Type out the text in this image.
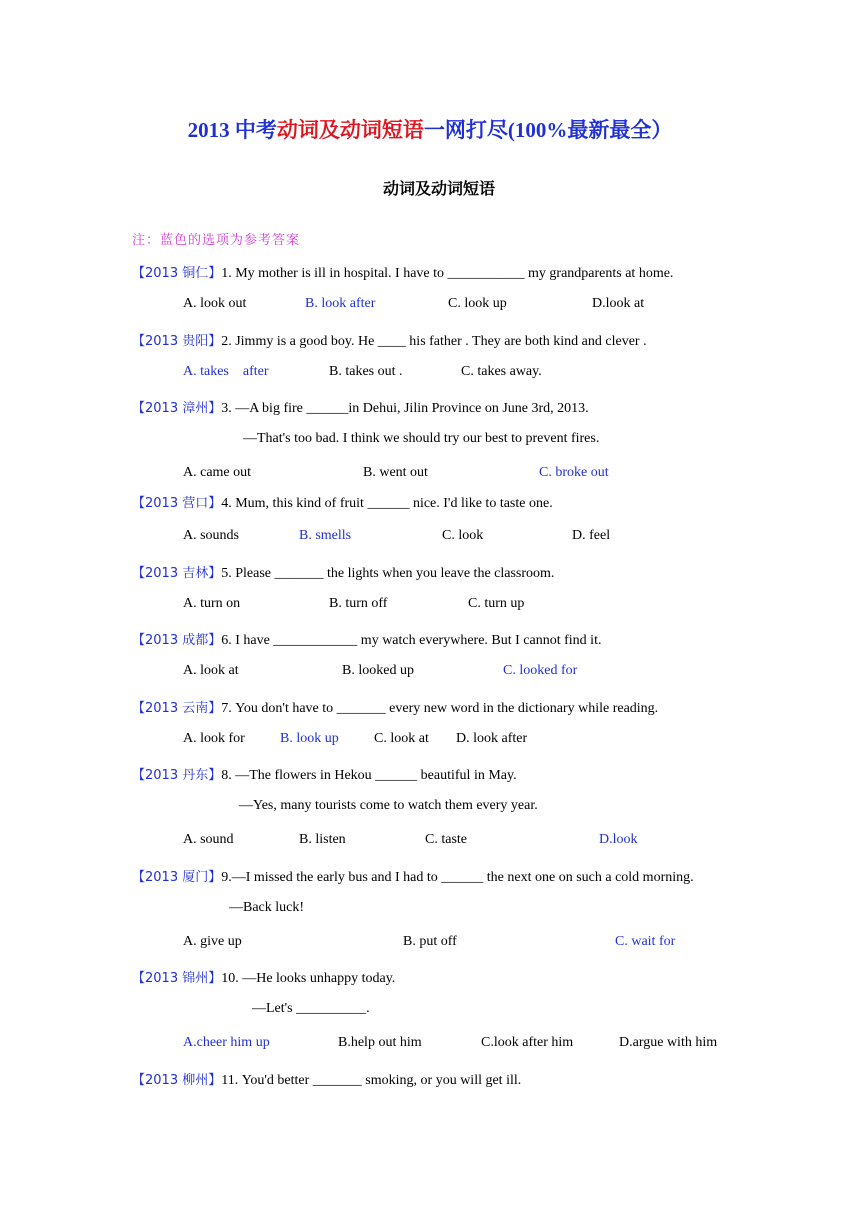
2013 中考动词及动词短语一网打尽(100%最新最全）
动词及动词短语
注：蓝色的选项为参考答案
【2013 铜仁】1. My mother is ill in hospital. I have to ___________ my grandparents at home.
A. look out	B. look after	C. look up	D.look at
【2013 贵阳】2. Jimmy is a good boy. He ____ his father . They are both kind and clever .
A. takes    after	B. takes out .	C. takes away.
【2013 漳州】3. —A big fire ______in Dehui, Jilin Province on June 3rd, 2013.
—That's too bad. I think we should try our best to prevent fires.
A. came out	B. went out	C. broke out
【2013 营口】4. Mum, this kind of fruit ______ nice. I'd like to taste one.
A. sounds	B. smells	C. look	D. feel
【2013 吉林】5. Please _______ the lights when you leave the classroom.
A. turn on	B. turn off	C. turn up
【2013 成都】6. I have ____________ my watch everywhere. But I cannot find it.
A. look at	B. looked up	C. looked for
【2013 云南】7. You don't have to _______ every new word in the dictionary while reading.
A. look for	B. look up	C. look at D. look after
【2013 丹东】8. —The flowers in Hekou ______ beautiful in May.
—Yes, many tourists come to watch them every year.
A. sound	B. listen	C. taste	D.look
【2013 厦门】9.—I missed the early bus and I had to ______ the next one on such a cold morning.
—Back luck!
A. give up	B. put off	C. wait for
【2013 锦州】10. —He looks unhappy today.
—Let's __________.
A.cheer him up	B.help out him	C.look after him	D.argue with him
【2013 柳州】11. You'd better _______ smoking, or you will get ill.
